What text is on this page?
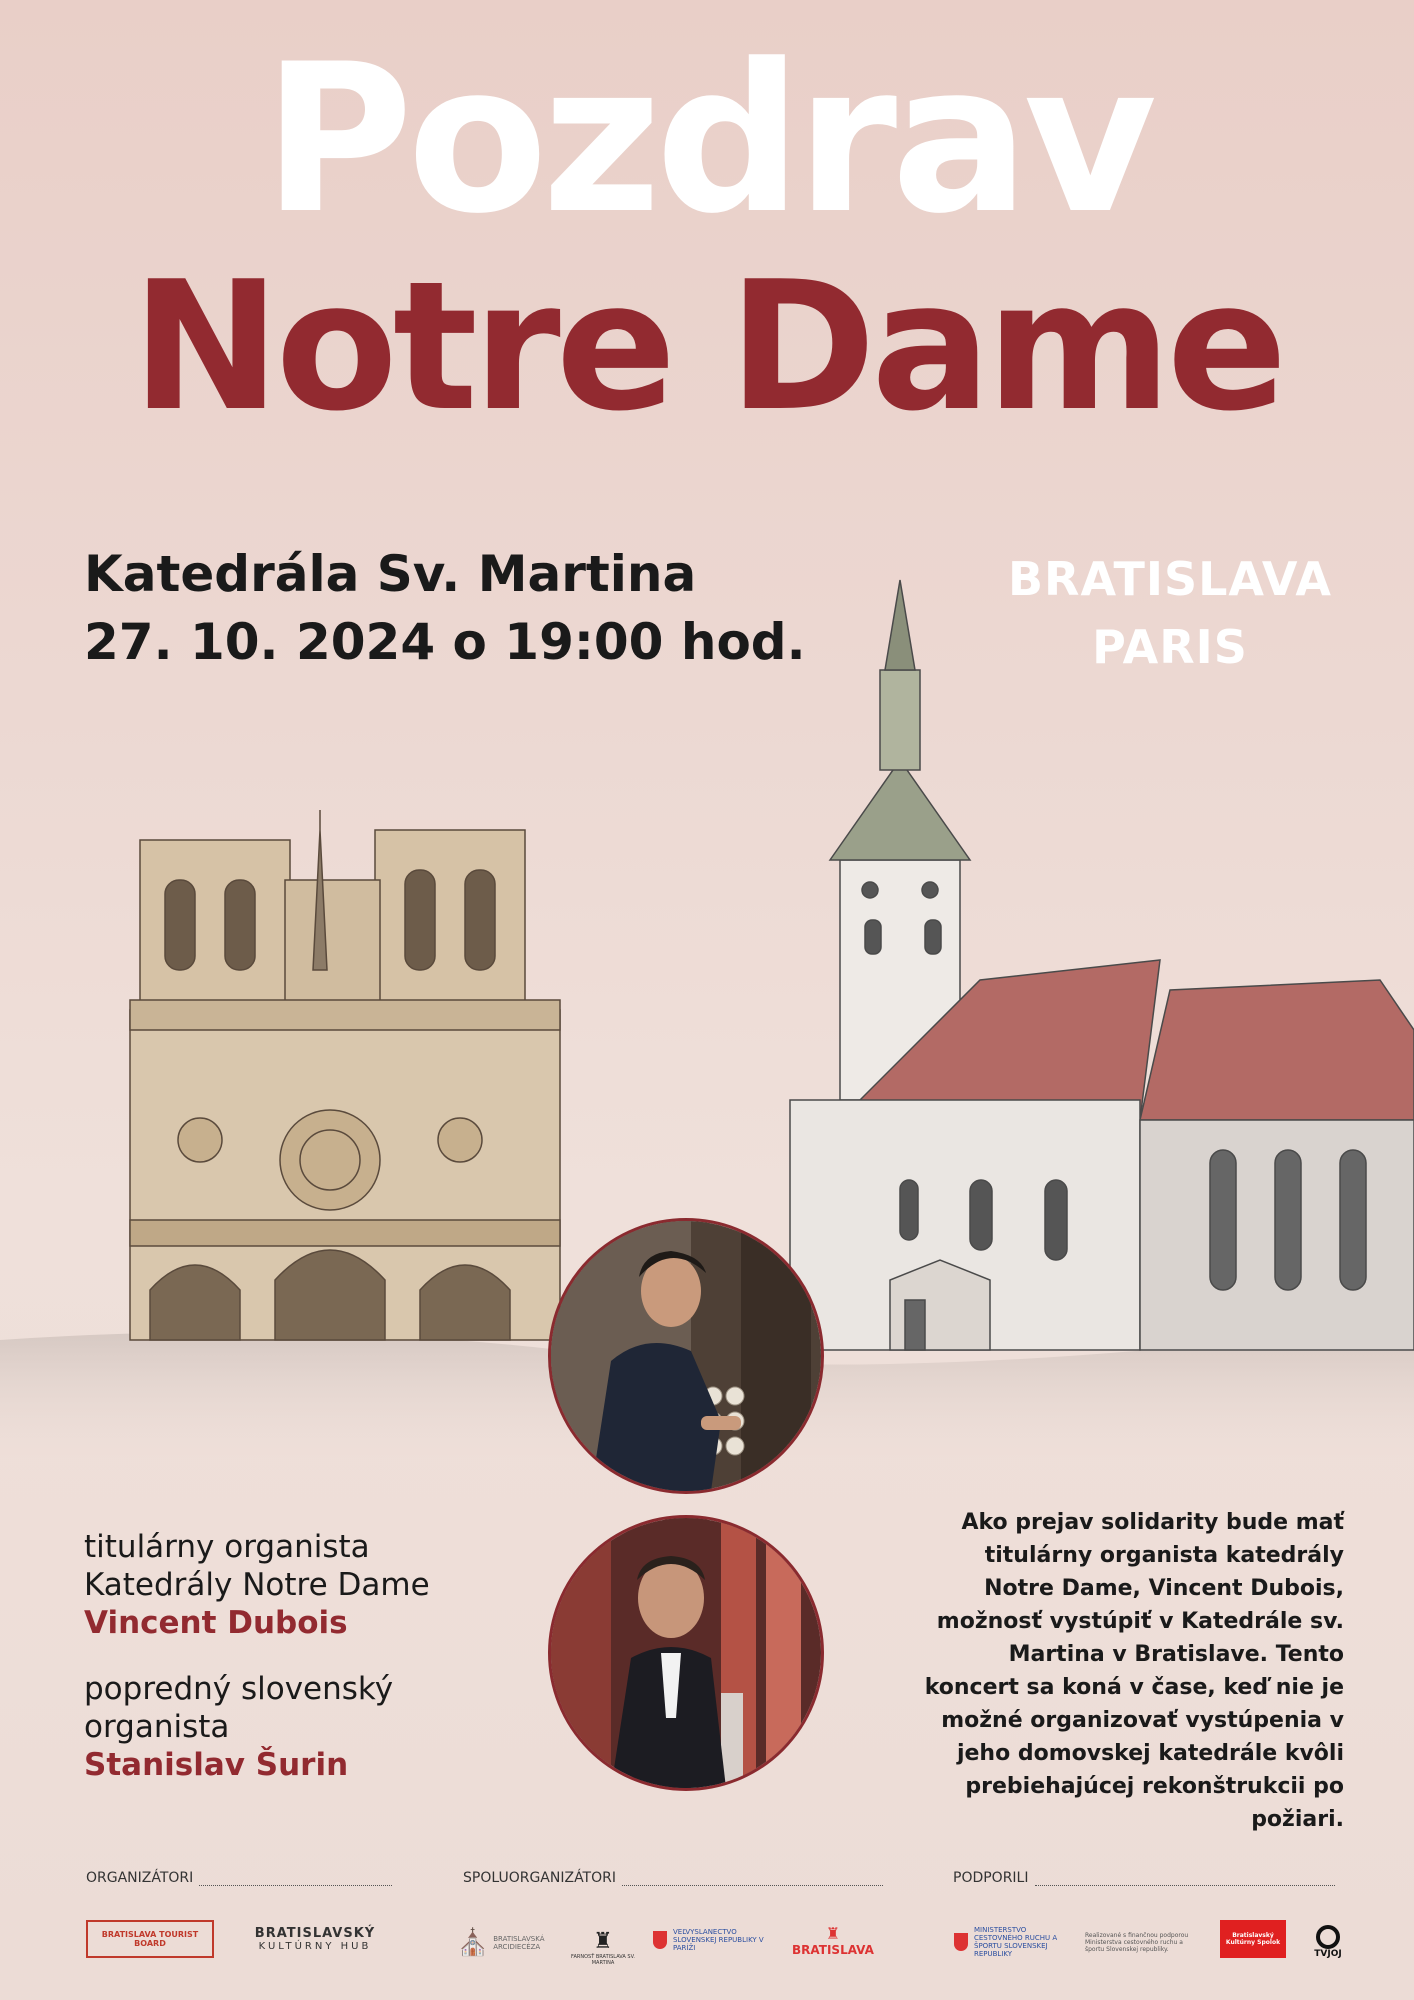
Pozdrav
Notre Dame
Katedrála Sv. Martina
27. 10. 2024 o 19:00 hod.
BRATISLAVA
PARIS
titulárny organista
Katedrály Notre Dame
Vincent Dubois
popredný slovenský
organista
Stanislav Šurin
Ako prejav solidarity bude mať titulárny organista katedrály Notre Dame, Vincent Dubois, možnosť vystúpiť v Katedrále sv. Martina v Bratislave. Tento koncert sa koná v čase, keď nie je možné organizovať vystúpenia v jeho domovskej katedrále kvôli prebiehajúcej rekonštrukcii po požiari.
ORGANIZÁTORI	SPOLUORGANIZÁTORI	PODPORILI
BRATISLAVA TOURIST BOARD
BRATISLAVSKÝ
KULTÚRNY HUB	⛪ BRATISLAVSKÁ ARCIDIECÉZA	♜
FARNOSŤ BRATISLAVA SV. MARTINA
VEĽVYSLANECTVO SLOVENSKEJ REPUBLIKY V PARÍŽI
♜
BRATISLAVA
MINISTERSTVO CESTOVNÉHO RUCHU A ŠPORTU SLOVENSKEJ REPUBLIKY
Realizované s finančnou podporou Ministerstva cestovného ruchu a športu Slovenskej republiky.
Bratislavský Kultúrny Spolok
TVJOJ
